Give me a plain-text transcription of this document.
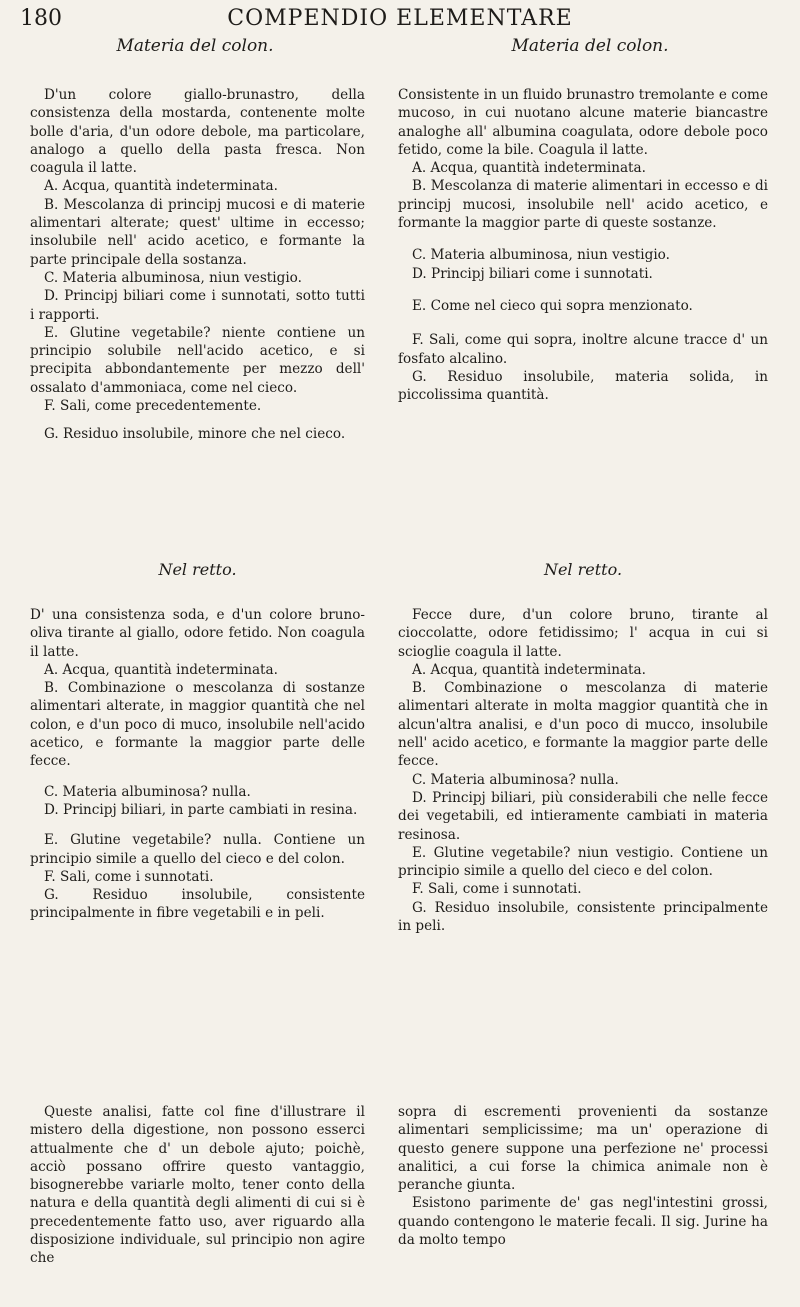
180	COMPENDIO ELEMENTARE
Materia del colon.	Materia del colon.

D'un colore giallo-brunastro, della consistenza della mostarda, contenente molte bolle d'aria, d'un odore debole, ma particolare, analogo a quello della pasta fresca. Non coagula il latte.

A. Acqua, quantità indeterminata.

B. Mescolanza di principj mucosi e di materie alimentari alterate; quest' ultime in eccesso; insolubile nell' acido acetico, e formante la parte principale della sostanza.

C. Materia albuminosa, niun vestigio.

D. Principj biliari come i sunnotati, sotto tutti i rapporti.

E. Glutine vegetabile? niente contiene un principio solubile nell'acido acetico, e si precipita abbondantemente per mezzo dell' ossalato d'ammoniaca, come nel cieco.

F. Sali, come precedentemente.

G. Residuo insolubile, minore che nel cieco.

Consistente in un fluido brunastro tremolante e come mucoso, in cui nuotano alcune materie biancastre analoghe all' albumina coagulata, odore debole poco fetido, come la bile. Coagula il latte.

A. Acqua, quantità indeterminata.

B. Mescolanza di materie alimentari in eccesso e di principj mucosi, insolubile nell' acido acetico, e formante la maggior parte di queste sostanze.

C. Materia albuminosa, niun vestigio.

D. Principj biliari come i sunnotati.

E. Come nel cieco qui sopra menzionato.

F. Sali, come qui sopra, inoltre alcune tracce d' un fosfato alcalino.

G. Residuo insolubile, materia solida, in piccolissima quantità.

Nel retto.	Nel retto.

D' una consistenza soda, e d'un colore bruno-oliva tirante al giallo, odore fetido. Non coagula il latte.

A. Acqua, quantità indeterminata.

B. Combinazione o mescolanza di sostanze alimentari alterate, in maggior quantità che nel colon, e d'un poco di muco, insolubile nell'acido acetico, e formante la maggior parte delle fecce.

C. Materia albuminosa? nulla.

D. Principj biliari, in parte cambiati in resina.

E. Glutine vegetabile? nulla. Contiene un principio simile a quello del cieco e del colon.

F. Sali, come i sunnotati.

G. Residuo insolubile, consistente principalmente in fibre vegetabili e in peli.

Fecce dure, d'un colore bruno, tirante al cioccolatte, odore fetidissimo; l' acqua in cui si scioglie coagula il latte.

A. Acqua, quantità indeterminata.

B. Combinazione o mescolanza di materie alimentari alterate in molta maggior quantità che in alcun'altra analisi, e d'un poco di mucco, insolubile nell' acido acetico, e formante la maggior parte delle fecce.

C. Materia albuminosa? nulla.

D. Principj biliari, più considerabili che nelle fecce dei vegetabili, ed intieramente cambiati in materia resinosa.

E. Glutine vegetabile? niun vestigio. Contiene un principio simile a quello del cieco e del colon.

F. Sali, come i sunnotati.

G. Residuo insolubile, consistente principalmente in peli.

Queste analisi, fatte col fine d'illustrare il mistero della digestione, non possono esserci attualmente che d' un debole ajuto; poichè, acciò possano offrire questo vantaggio, bisognerebbe variarle molto, tener conto della natura e della quantità degli alimenti di cui si è precedentemente fatto uso, aver riguardo alla disposizione individuale, sul principio non agire che

sopra di escrementi provenienti da sostanze alimentari semplicissime; ma un' operazione di questo genere suppone una perfezione ne' processi analitici, a cui forse la chimica animale non è peranche giunta.

Esistono parimente de' gas negl'intestini grossi, quando contengono le materie fecali. Il sig. Jurine ha da molto tempo
